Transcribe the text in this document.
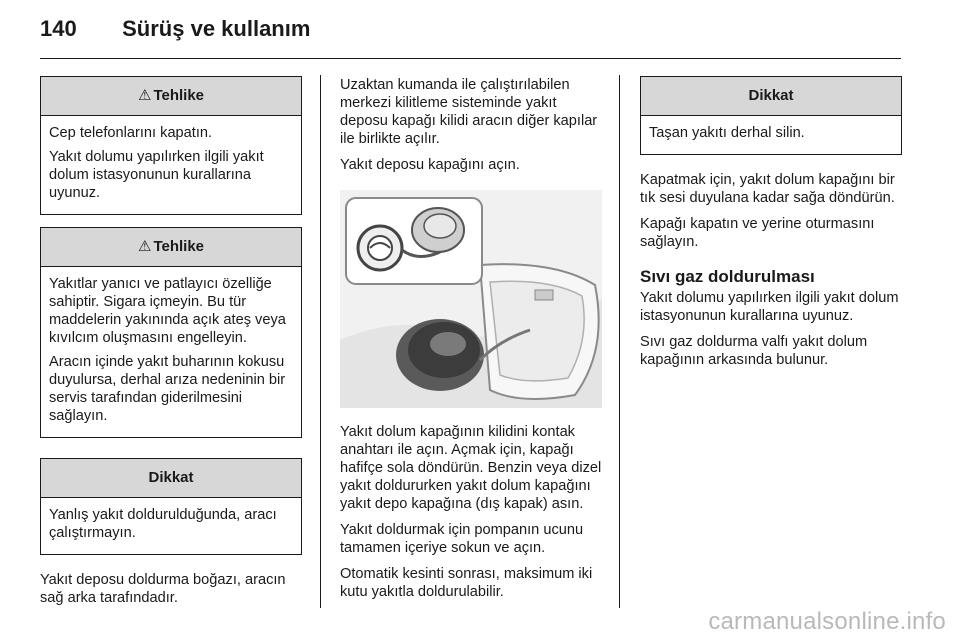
140 Sürüş ve kullanım
⚠ Tehlike

Cep telefonlarını kapatın.

Yakıt dolumu yapılırken ilgili yakıt dolum istasyonunun kurallarına uyunuz.

⚠ Tehlike

Yakıtlar yanıcı ve patlayıcı özelliğe sahiptir. Sigara içmeyin. Bu tür maddelerin yakınında açık ateş veya kıvılcım oluşmasını engelleyin.

Aracın içinde yakıt buharının kokusu duyulursa, derhal arıza nedeninin bir servis tarafından giderilmesini sağlayın.

Dikkat

Yanlış yakıt doldurulduğunda, aracı çalıştırmayın.

Yakıt deposu doldurma boğazı, aracın sağ arka tarafındadır.

Uzaktan kumanda ile çalıştırılabilen merkezi kilitleme sisteminde yakıt deposu kapağı kilidi aracın diğer kapılar ile birlikte açılır.

Yakıt deposu kapağını açın.

Yakıt dolum kapağının kilidini kontak anahtarı ile açın. Açmak için, kapağı hafifçe sola döndürün. Benzin veya dizel yakıt doldururken yakıt dolum kapağını yakıt depo kapağına (dış kapak) asın.

Yakıt doldurmak için pompanın ucunu tamamen içeriye sokun ve açın.

Otomatik kesinti sonrası, maksimum iki kutu yakıtla doldurulabilir.

Dikkat

Taşan yakıtı derhal silin.

Kapatmak için, yakıt dolum kapağını bir tık sesi duyulana kadar sağa döndürün.

Kapağı kapatın ve yerine oturmasını sağlayın.

Sıvı gaz doldurulması

Yakıt dolumu yapılırken ilgili yakıt dolum istasyonunun kurallarına uyunuz.

Sıvı gaz doldurma valfı yakıt dolum kapağının arkasında bulunur.

carmanualsonline.info
